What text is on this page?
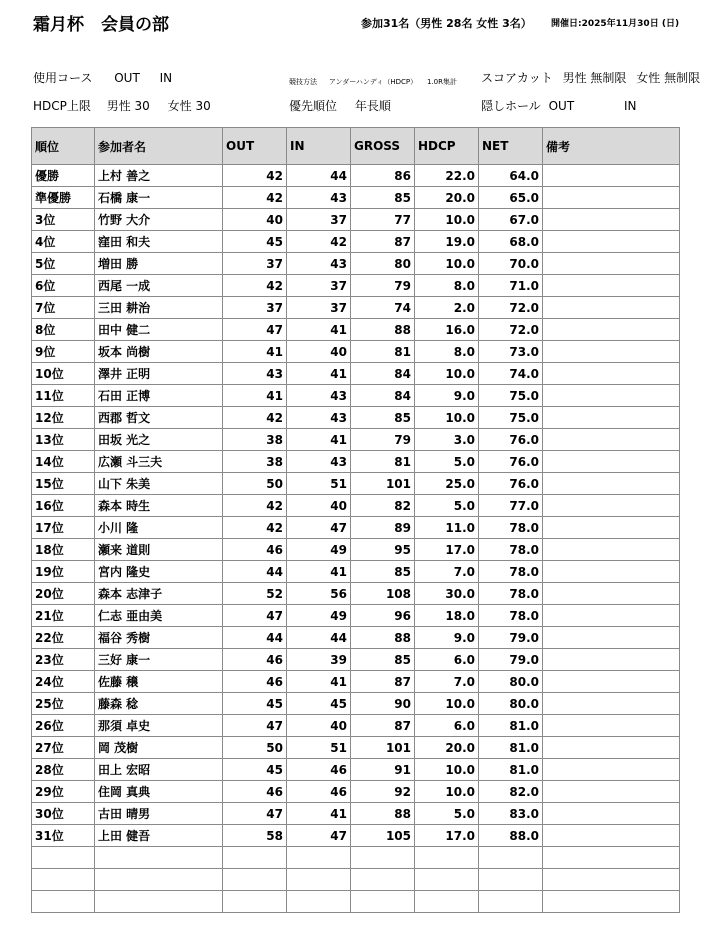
霜月杯　会員の部	参加31名（男性 28名 女性 3名） 開催日:2025年11月30日 (日)
使用コース OUT IN	競技方法 アンダーハンディ（HDCP） 1.0R集計 スコアカット 男性 無制限 女性 無制限
HDCP上限 男性 30 女性 30	優先順位 年長順	隠しホール OUT	IN
順位	参加者名	OUT	IN	GROSS	HDCP	NET	備考
優勝	上村 善之	42	44	86	22.0	64.0	
準優勝	石橋 康一	42	43	85	20.0	65.0	
3位	竹野 大介	40	37	77	10.0	67.0	
4位	窪田 和夫	45	42	87	19.0	68.0	
5位	増田 勝	37	43	80	10.0	70.0	
6位	西尾 一成	42	37	79	8.0	71.0	
7位	三田 耕治	37	37	74	2.0	72.0	
8位	田中 健二	47	41	88	16.0	72.0	
9位	坂本 尚樹	41	40	81	8.0	73.0	
10位	澤井 正明	43	41	84	10.0	74.0	
11位	石田 正博	41	43	84	9.0	75.0	
12位	西郡 哲文	42	43	85	10.0	75.0	
13位	田坂 光之	38	41	79	3.0	76.0	
14位	広瀬 斗三夫	38	43	81	5.0	76.0	
15位	山下 朱美	50	51	101	25.0	76.0	
16位	森本 時生	42	40	82	5.0	77.0	
17位	小川 隆	42	47	89	11.0	78.0	
18位	瀬来 道則	46	49	95	17.0	78.0	
19位	宮内 隆史	44	41	85	7.0	78.0	
20位	森本 志津子	52	56	108	30.0	78.0	
21位	仁志 亜由美	47	49	96	18.0	78.0	
22位	福谷 秀樹	44	44	88	9.0	79.0	
23位	三好 康一	46	39	85	6.0	79.0	
24位	佐藤 穣	46	41	87	7.0	80.0	
25位	藤森 稔	45	45	90	10.0	80.0	
26位	那須 卓史	47	40	87	6.0	81.0	
27位	岡 茂樹	50	51	101	20.0	81.0	
28位	田上 宏昭	45	46	91	10.0	81.0	
29位	住岡 真典	46	46	92	10.0	82.0	
30位	古田 晴男	47	41	88	5.0	83.0	
31位	上田 健吾	58	47	105	17.0	88.0	
